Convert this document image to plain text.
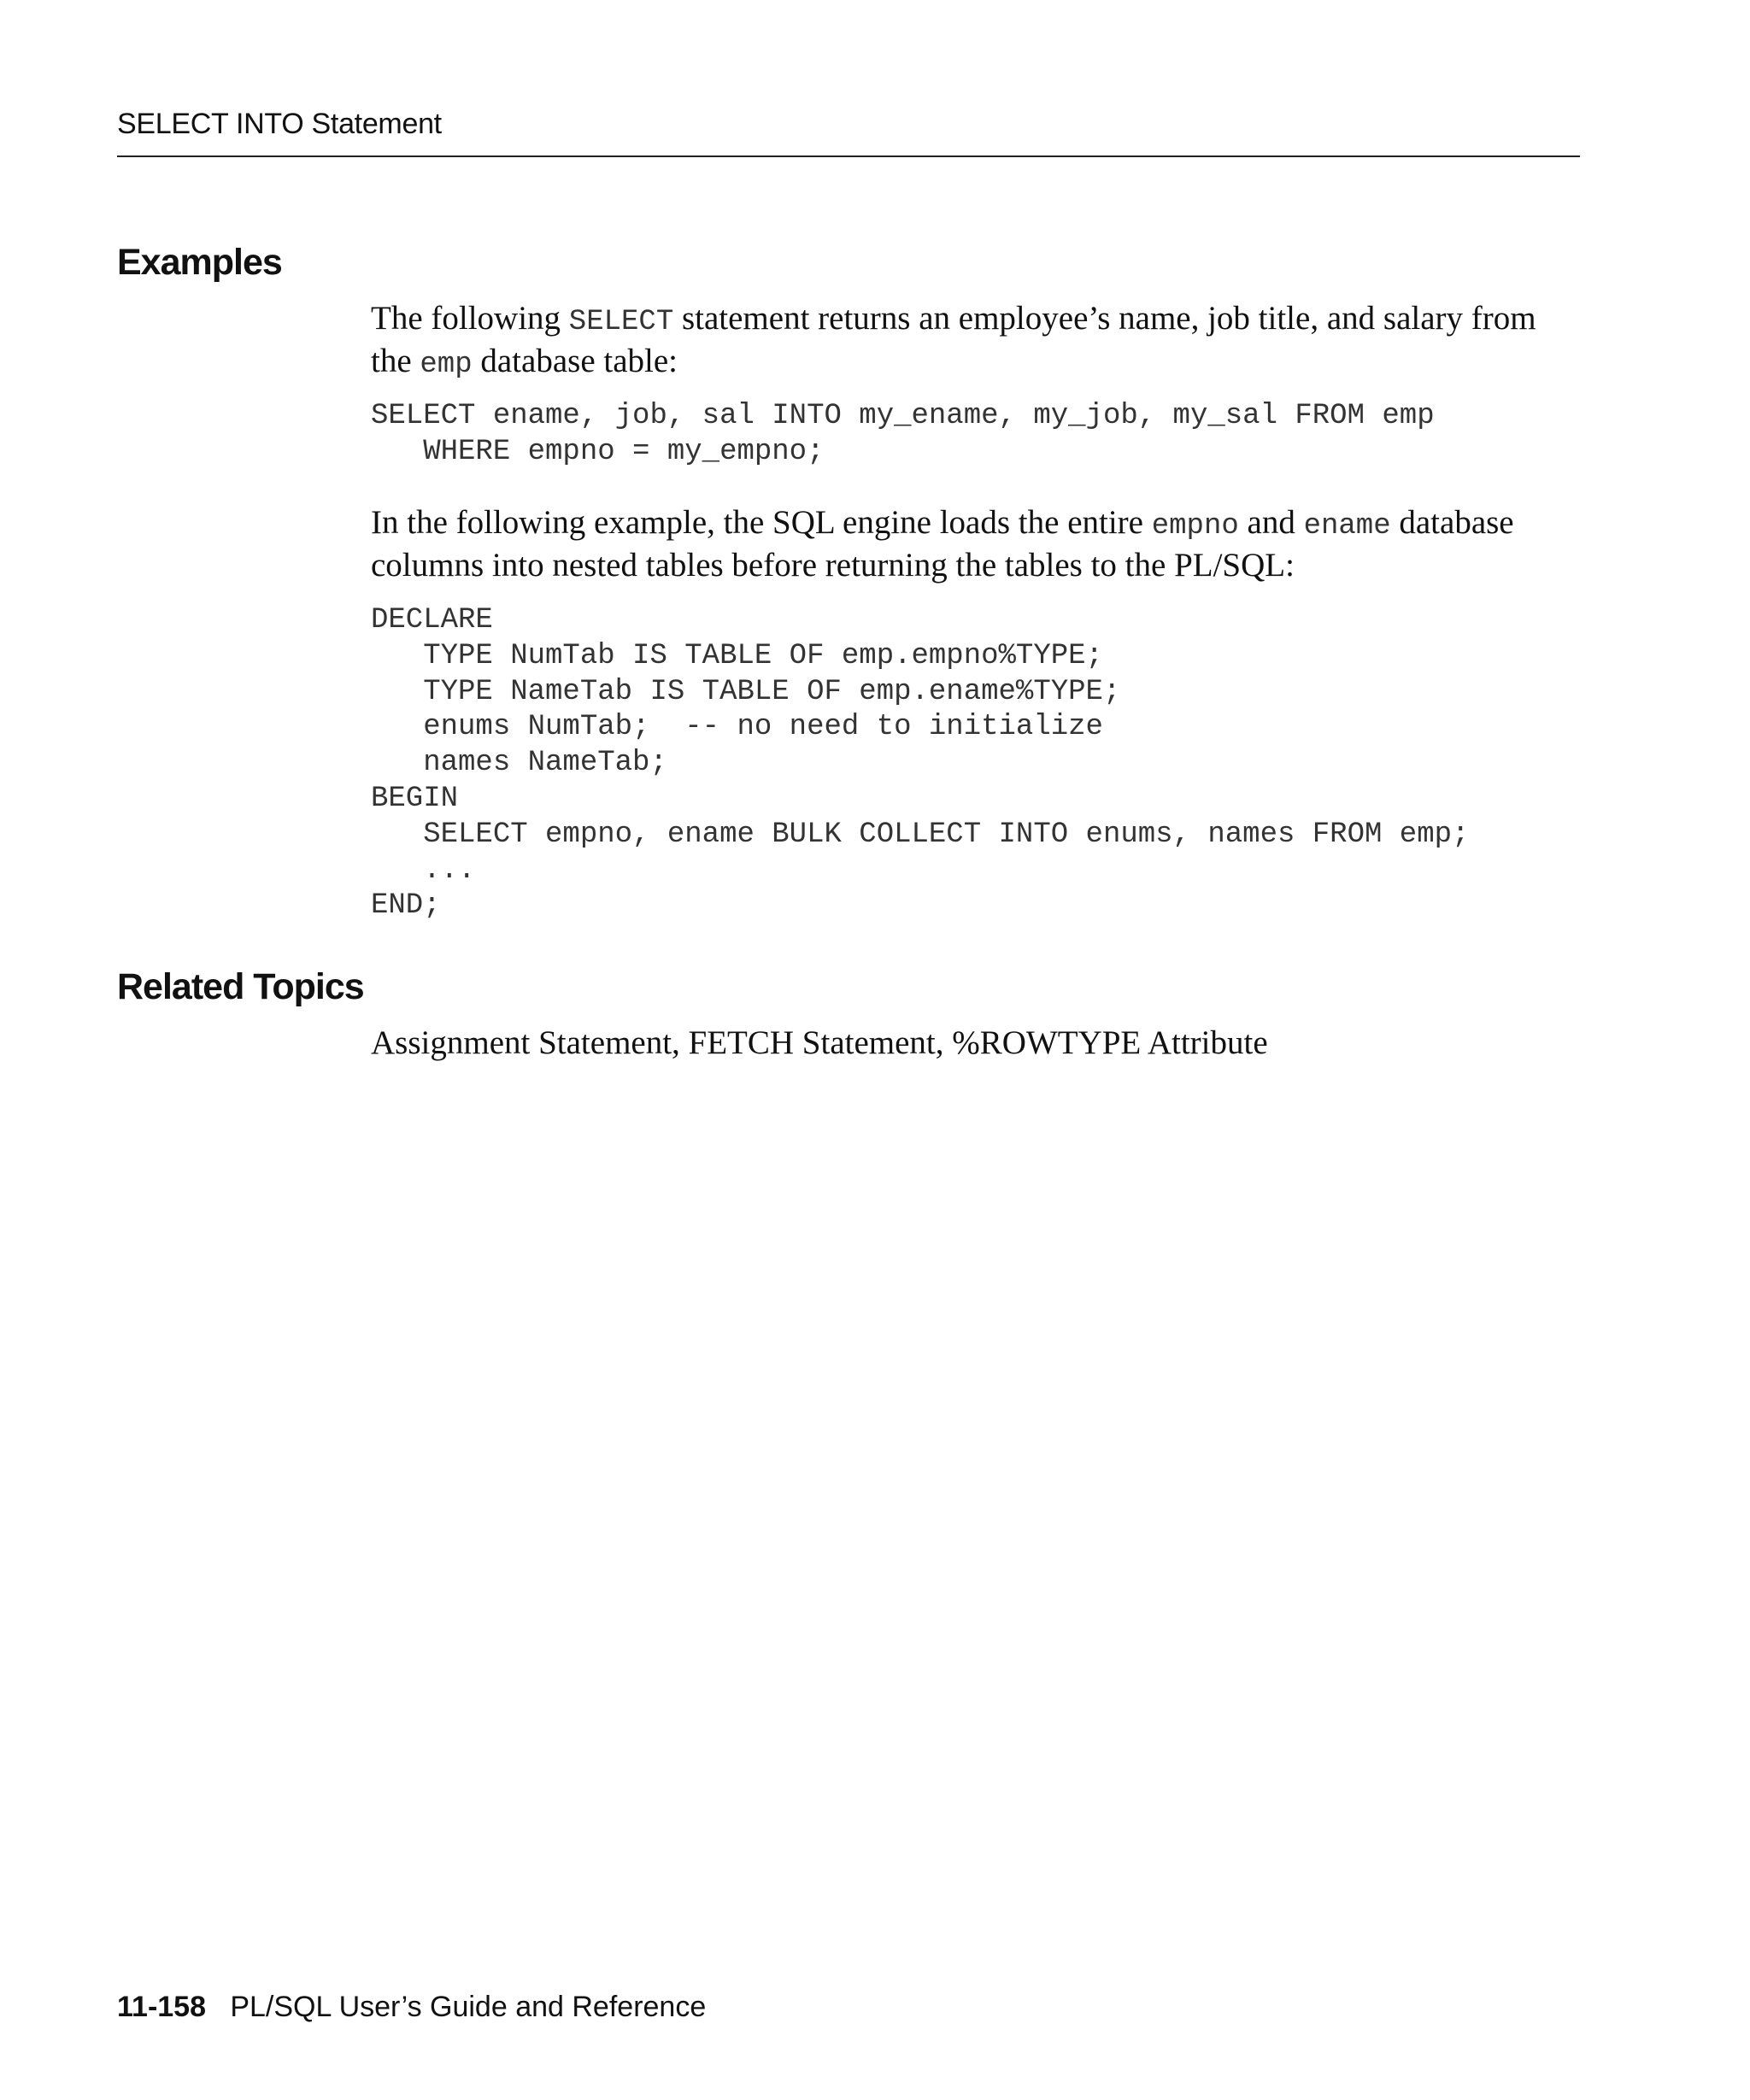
SELECT INTO Statement
Examples

The following SELECT statement returns an employee’s name, job title, and salary from the emp database table:

SELECT ename, job, sal INTO my_ename, my_job, my_sal FROM emp
WHERE empno = my_empno;

In the following example, the SQL engine loads the entire empno and ename database columns into nested tables before returning the tables to the PL/SQL:

DECLARE
TYPE NumTab IS TABLE OF emp.empno%TYPE;
TYPE NameTab IS TABLE OF emp.ename%TYPE;
enums NumTab;  -- no need to initialize
names NameTab;
BEGIN
SELECT empno, ename BULK COLLECT INTO enums, names FROM emp;
...
END;
Related Topics

Assignment Statement, FETCH Statement, %ROWTYPE Attribute

11-158 PL/SQL User’s Guide and Reference
